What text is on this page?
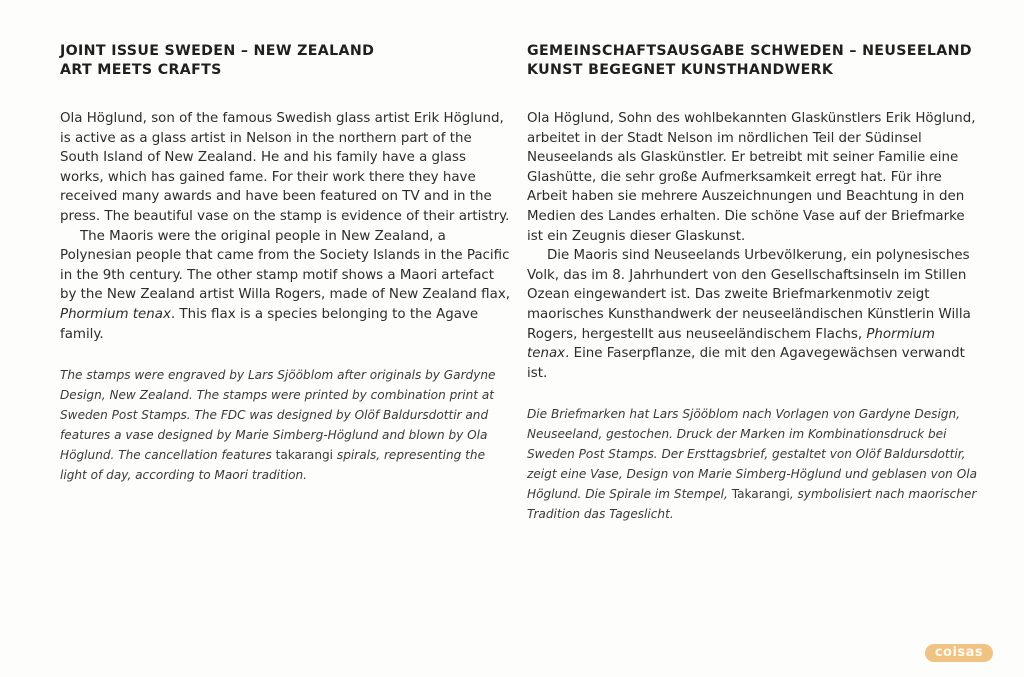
JOINT ISSUE SWEDEN – NEW ZEALAND
ART MEETS CRAFTS

Ola Höglund, son of the famous Swedish glass artist Erik Höglund, is active as a glass artist in Nelson in the northern part of the South Island of New Zealand. He and his family have a glass works, which has gained fame. For their work there they have received many awards and have been featured on TV and in the press. The beautiful vase on the stamp is evidence of their artistry.

The Maoris were the original people in New Zealand, a Polynesian people that came from the Society Islands in the Pacific in the 9th century. The other stamp motif shows a Maori artefact by the New Zealand artist Willa Rogers, made of New Zealand flax, Phormium tenax. This flax is a species belonging to the Agave family.

The stamps were engraved by Lars Sjööblom after originals by Gardyne Design, New Zealand. The stamps were printed by combination print at Sweden Post Stamps. The FDC was designed by Olöf Baldursdottir and features a vase designed by Marie Simberg-Höglund and blown by Ola Höglund. The cancellation features takarangi spirals, representing the light of day, according to Maori tradition.
GEMEINSCHAFTSAUSGABE SCHWEDEN – NEUSEELAND
KUNST BEGEGNET KUNSTHANDWERK

Ola Höglund, Sohn des wohlbekannten Glaskünstlers Erik Höglund, arbeitet in der Stadt Nelson im nördlichen Teil der Südinsel Neuseelands als Glaskünstler. Er betreibt mit seiner Familie eine Glashütte, die sehr große Aufmerksamkeit erregt hat. Für ihre Arbeit haben sie mehrere Auszeichnungen und Beachtung in den Medien des Landes erhalten. Die schöne Vase auf der Briefmarke ist ein Zeugnis dieser Glaskunst.

Die Maoris sind Neuseelands Urbevölkerung, ein polynesisches Volk, das im 8. Jahrhundert von den Gesellschaftsinseln im Stillen Ozean eingewandert ist. Das zweite Briefmarkenmotiv zeigt maorisches Kunsthandwerk der neuseeländischen Künstlerin Willa Rogers, hergestellt aus neuseeländischem Flachs, Phormium tenax. Eine Faserpflanze, die mit den Agavegewächsen verwandt ist.

Die Briefmarken hat Lars Sjööblom nach Vorlagen von Gardyne Design, Neuseeland, gestochen. Druck der Marken im Kombinationsdruck bei Sweden Post Stamps. Der Ersttagsbrief, gestaltet von Olöf Baldursdottir, zeigt eine Vase, Design von Marie Simberg-Höglund und geblasen von Ola Höglund. Die Spirale im Stempel, Takarangi, symbolisiert nach maorischer Tradition das Tageslicht.
coisas
